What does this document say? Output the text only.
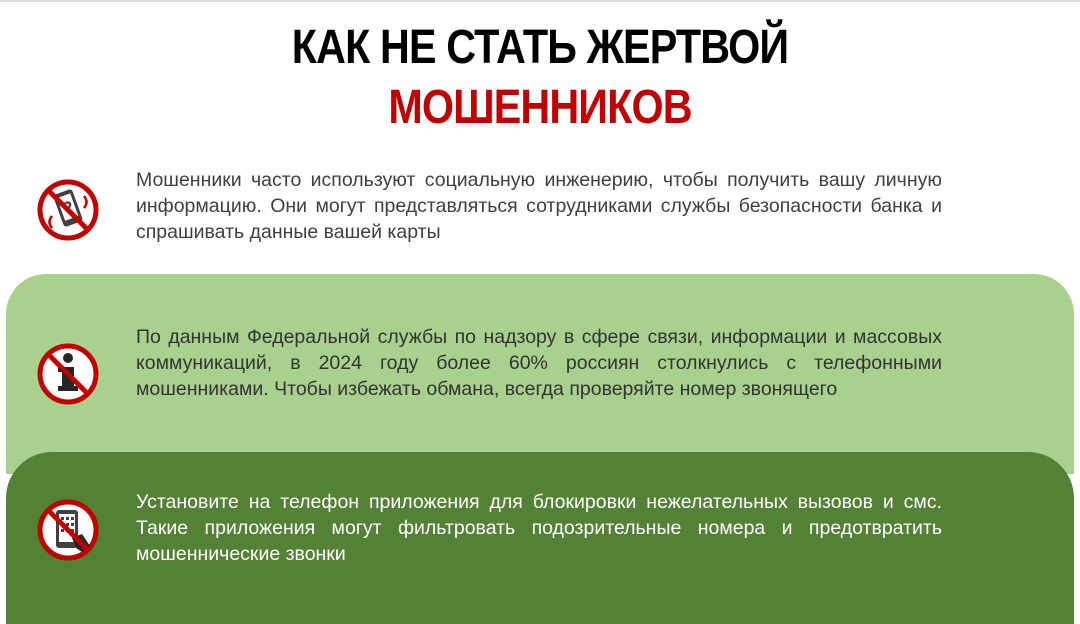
КАК НЕ СТАТЬ ЖЕРТВОЙ
МОШЕННИКОВ
Мошенники часто используют социальную инженерию, чтобы получить вашу личную информацию. Они могут представляться сотрудниками службы безопасности банка и спрашивать данные вашей карты
По данным Федеральной службы по надзору в сфере связи, информации и массовых коммуникаций, в 2024 году более 60% россиян столкнулись с телефонными мошенниками. Чтобы избежать обмана, всегда проверяйте номер звонящего
Установите на телефон приложения для блокировки нежелательных вызовов и смс. Такие приложения могут фильтровать подозрительные номера и предотвратить мошеннические звонки
